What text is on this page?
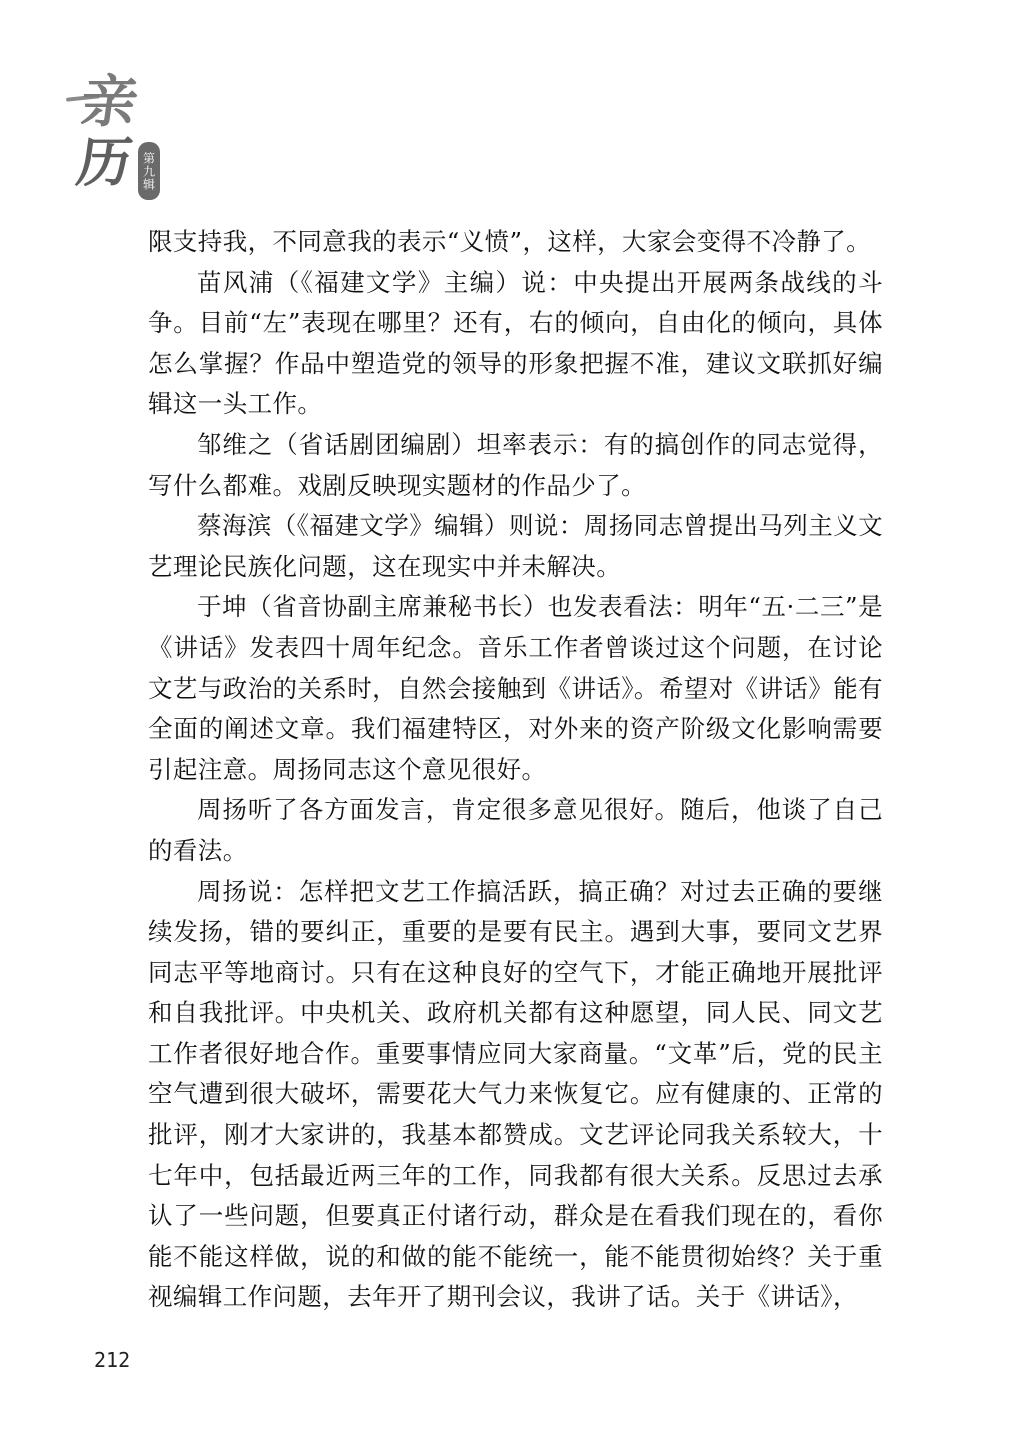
亲
历 第九辑

限支持我，不同意我的表示“义愤”，这样，大家会变得不冷静了。

苗风浦（《福建文学》主编）说：中央提出开展两条战线的斗争。目前“左”表现在哪里？还有，右的倾向，自由化的倾向，具体怎么掌握？作品中塑造党的领导的形象把握不准，建议文联抓好编辑这一头工作。

邹维之（省话剧团编剧）坦率表示：有的搞创作的同志觉得，写什么都难。戏剧反映现实题材的作品少了。

蔡海滨（《福建文学》编辑）则说：周扬同志曾提出马列主义文艺理论民族化问题，这在现实中并未解决。

于坤（省音协副主席兼秘书长）也发表看法：明年“五·二三”是《讲话》发表四十周年纪念。音乐工作者曾谈过这个问题，在讨论文艺与政治的关系时，自然会接触到《讲话》。希望对《讲话》能有全面的阐述文章。我们福建特区，对外来的资产阶级文化影响需要引起注意。周扬同志这个意见很好。

周扬听了各方面发言，肯定很多意见很好。随后，他谈了自己的看法。

周扬说：怎样把文艺工作搞活跃，搞正确？对过去正确的要继续发扬，错的要纠正，重要的是要有民主。遇到大事，要同文艺界同志平等地商讨。只有在这种良好的空气下，才能正确地开展批评和自我批评。中央机关、政府机关都有这种愿望，同人民、同文艺工作者很好地合作。重要事情应同大家商量。“文革”后，党的民主空气遭到很大破坏，需要花大气力来恢复它。应有健康的、正常的批评，刚才大家讲的，我基本都赞成。文艺评论同我关系较大，十七年中，包括最近两三年的工作，同我都有很大关系。反思过去承认了一些问题，但要真正付诸行动，群众是在看我们现在的，看你能不能这样做，说的和做的能不能统一，能不能贯彻始终？关于重视编辑工作问题，去年开了期刊会议，我讲了话。关于《讲话》，

212
